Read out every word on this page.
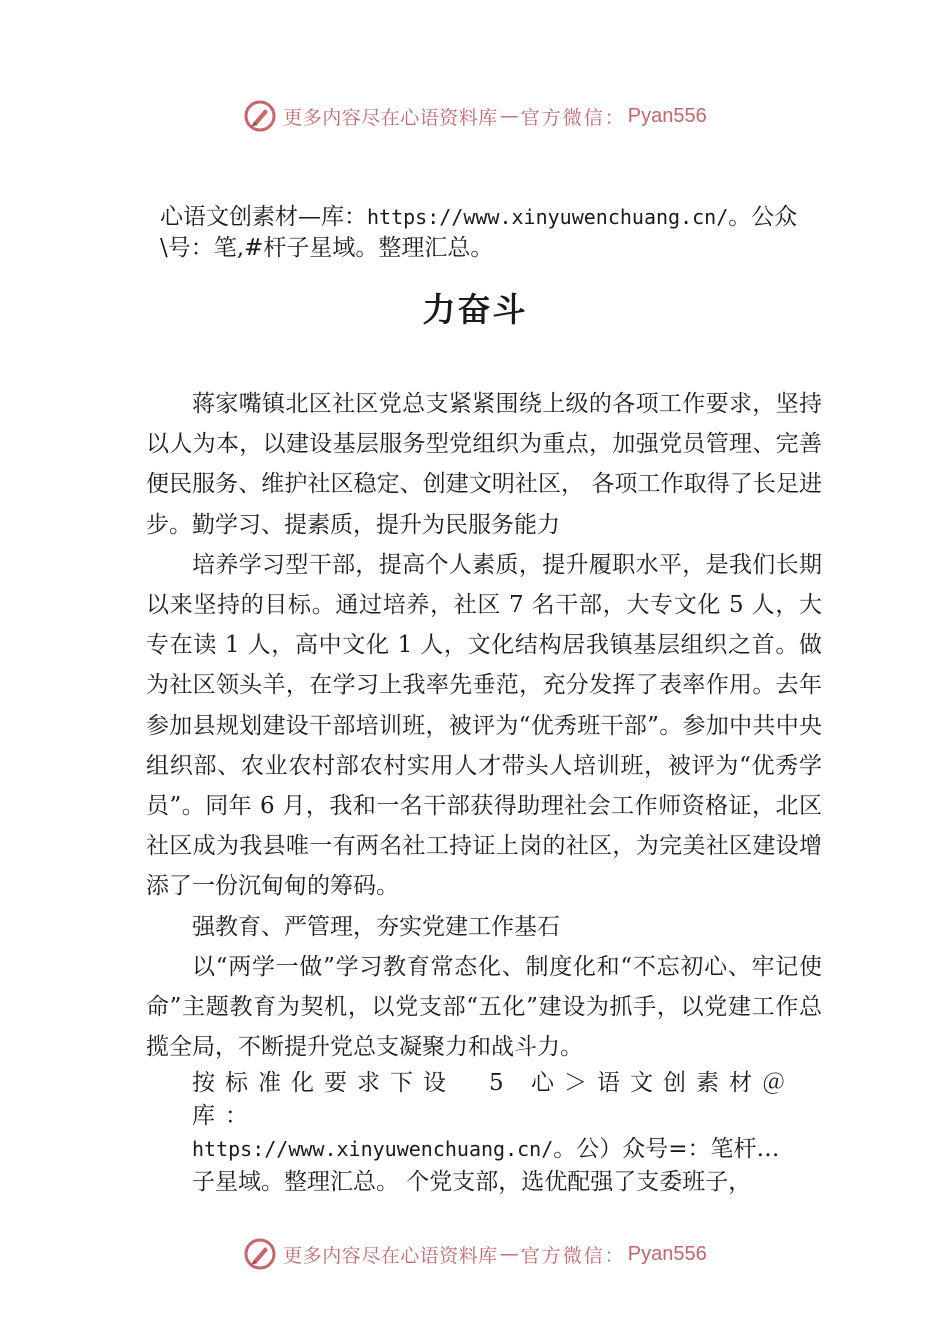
更多内容尽在心语资料库 — 官方微信： Pyan556

心语文创素材—库：https://www.xinyuwenchuang.cn/。公众\号：笔,#杆子星域。整理汇总。

力奋斗

蒋家嘴镇北区社区党总支紧紧围绕上级的各项工作要求，坚持以人为本，以建设基层服务型党组织为重点，加强党员管理、完善便民服务、维护社区稳定、创建文明社区， 各项工作取得了长足进步。勤学习、提素质，提升为民服务能力

培养学习型干部，提高个人素质，提升履职水平，是我们长期以来坚持的目标。通过培养，社区 7 名干部，大专文化 5 人，大专在读 1 人，高中文化 1 人，文化结构居我镇基层组织之首。做为社区领头羊，在学习上我率先垂范，充分发挥了表率作用。去年参加县规划建设干部培训班，被评为“优秀班干部”。参加中共中央组织部、农业农村部农村实用人才带头人培训班，被评为“优秀学员”。同年 6 月，我和一名干部获得助理社会工作师资格证，北区社区成为我县唯一有两名社工持证上岗的社区，为完美社区建设增添了一份沉甸甸的筹码。

强教育、严管理，夯实党建工作基石

以“两学一做”学习教育常态化、制度化和“不忘初心、牢记使命”主题教育为契机，以党支部“五化”建设为抓手，以党建工作总揽全局，不断提升党总支凝聚力和战斗力。

按标准化要求下设　5 心＞语文创素材＠库：
https://www.xinyuwenchuang.cn/。公）众号=：笔杆…
子星域。整理汇总。 个党支部，选优配强了支委班子，
更多内容尽在心语资料库 — 官方微信： Pyan556
